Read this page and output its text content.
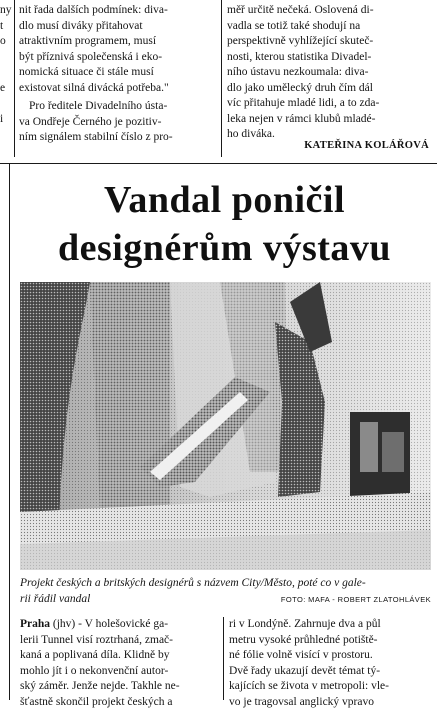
ny

t

o

e

i

nit řada dalších podmínek: diva-

dlo musí diváky přitahovat

atraktivním programem, musí

být příznivá společenská i eko-

nomická situace či stále musí

existovat silná divácká potřeba."

Pro ředitele Divadelního ústa-

va Ondřeje Černého je pozitiv-

ním signálem stabilní číslo z pro-

měř určitě nečeká. Oslovená di-

vadla se totiž také shodují na

perspektivně vyhlížející skuteč-

nosti, kterou statistika Divadel-

ního ústavu nezkoumala: diva-

dlo jako umělecký druh čím dál

víc přitahuje mladé lidi, a to zda-

leka nejen v rámci klubů mladé-

ho diváka.

KATEŘINA KOLÁŘOVÁ
Vandal poničil
designérům výstavu
Projekt českých a britských designérů s názvem City/Město, poté co v gale-
rii řádil vandal	FOTO: MAFA - ROBERT ZLATOHLÁVEK

Praha (jhv) - V holešovické ga-

lerii Tunnel visí roztrhaná, zmač-

kaná a poplivaná díla. Klidně by

mohlo jít i o nekonvenční autor-

ský záměr. Jenže nejde. Takhle ne-

šťastně skončil projekt českých a

ri v Londýně. Zahrnuje dva a půl

metru vysoké průhledné potiště-

né fólie volně visící v prostoru.

Dvě řady ukazují devět témat tý-

kajících se života v metropoli: vle-

vo je tragovsal anglický vpravo
